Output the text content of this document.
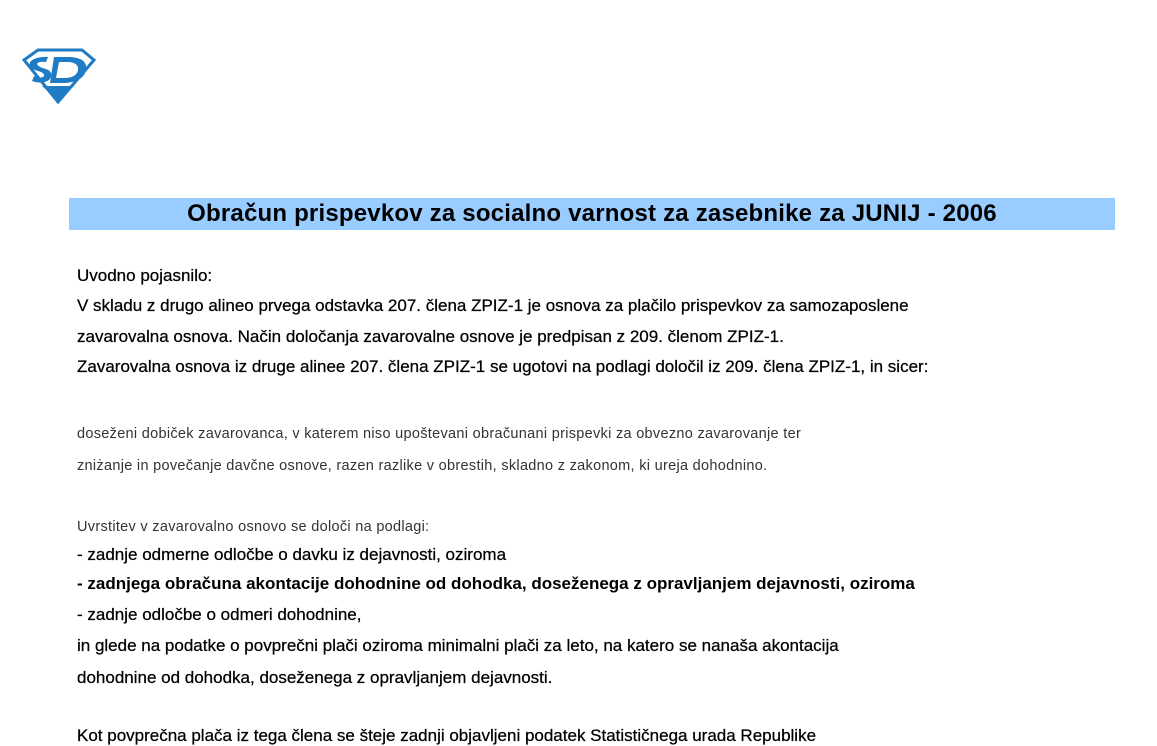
Obračun prispevkov za socialno varnost za zasebnike za JUNIJ - 2006
Uvodno pojasnilo:
V skladu z drugo alineo prvega odstavka 207. člena ZPIZ-1 je osnova za plačilo prispevkov za samozaposlene
zavarovalna osnova. Način določanja zavarovalne osnove je predpisan z 209. členom ZPIZ-1.
Zavarovalna osnova iz druge alinee 207. člena ZPIZ-1 se ugotovi na podlagi določil iz 209. člena ZPIZ-1, in sicer:
doseženi dobiček zavarovanca, v katerem niso upoštevani obračunani prispevki za obvezno zavarovanje ter
zniżanje in povečanje davčne osnove, razen razlike v obrestih, skladno z zakonom, ki ureja dohodnino.
Uvrstitev v zavarovalno osnovo se določi na podlagi:
- zadnje odmerne odločbe o davku iz dejavnosti, oziroma
- zadnjega obračuna akontacije dohodnine od dohodka, doseženega z opravljanjem dejavnosti, oziroma
- zadnje odločbe o odmeri dohodnine,
in glede na podatke o povprečni plači oziroma minimalni plači za leto, na katero se nanaša akontacija
dohodnine od dohodka, doseženega z opravljanjem dejavnosti.
Kot povprečna plača iz tega člena se šteje zadnji objavljeni podatek Statističnega urada Republike
